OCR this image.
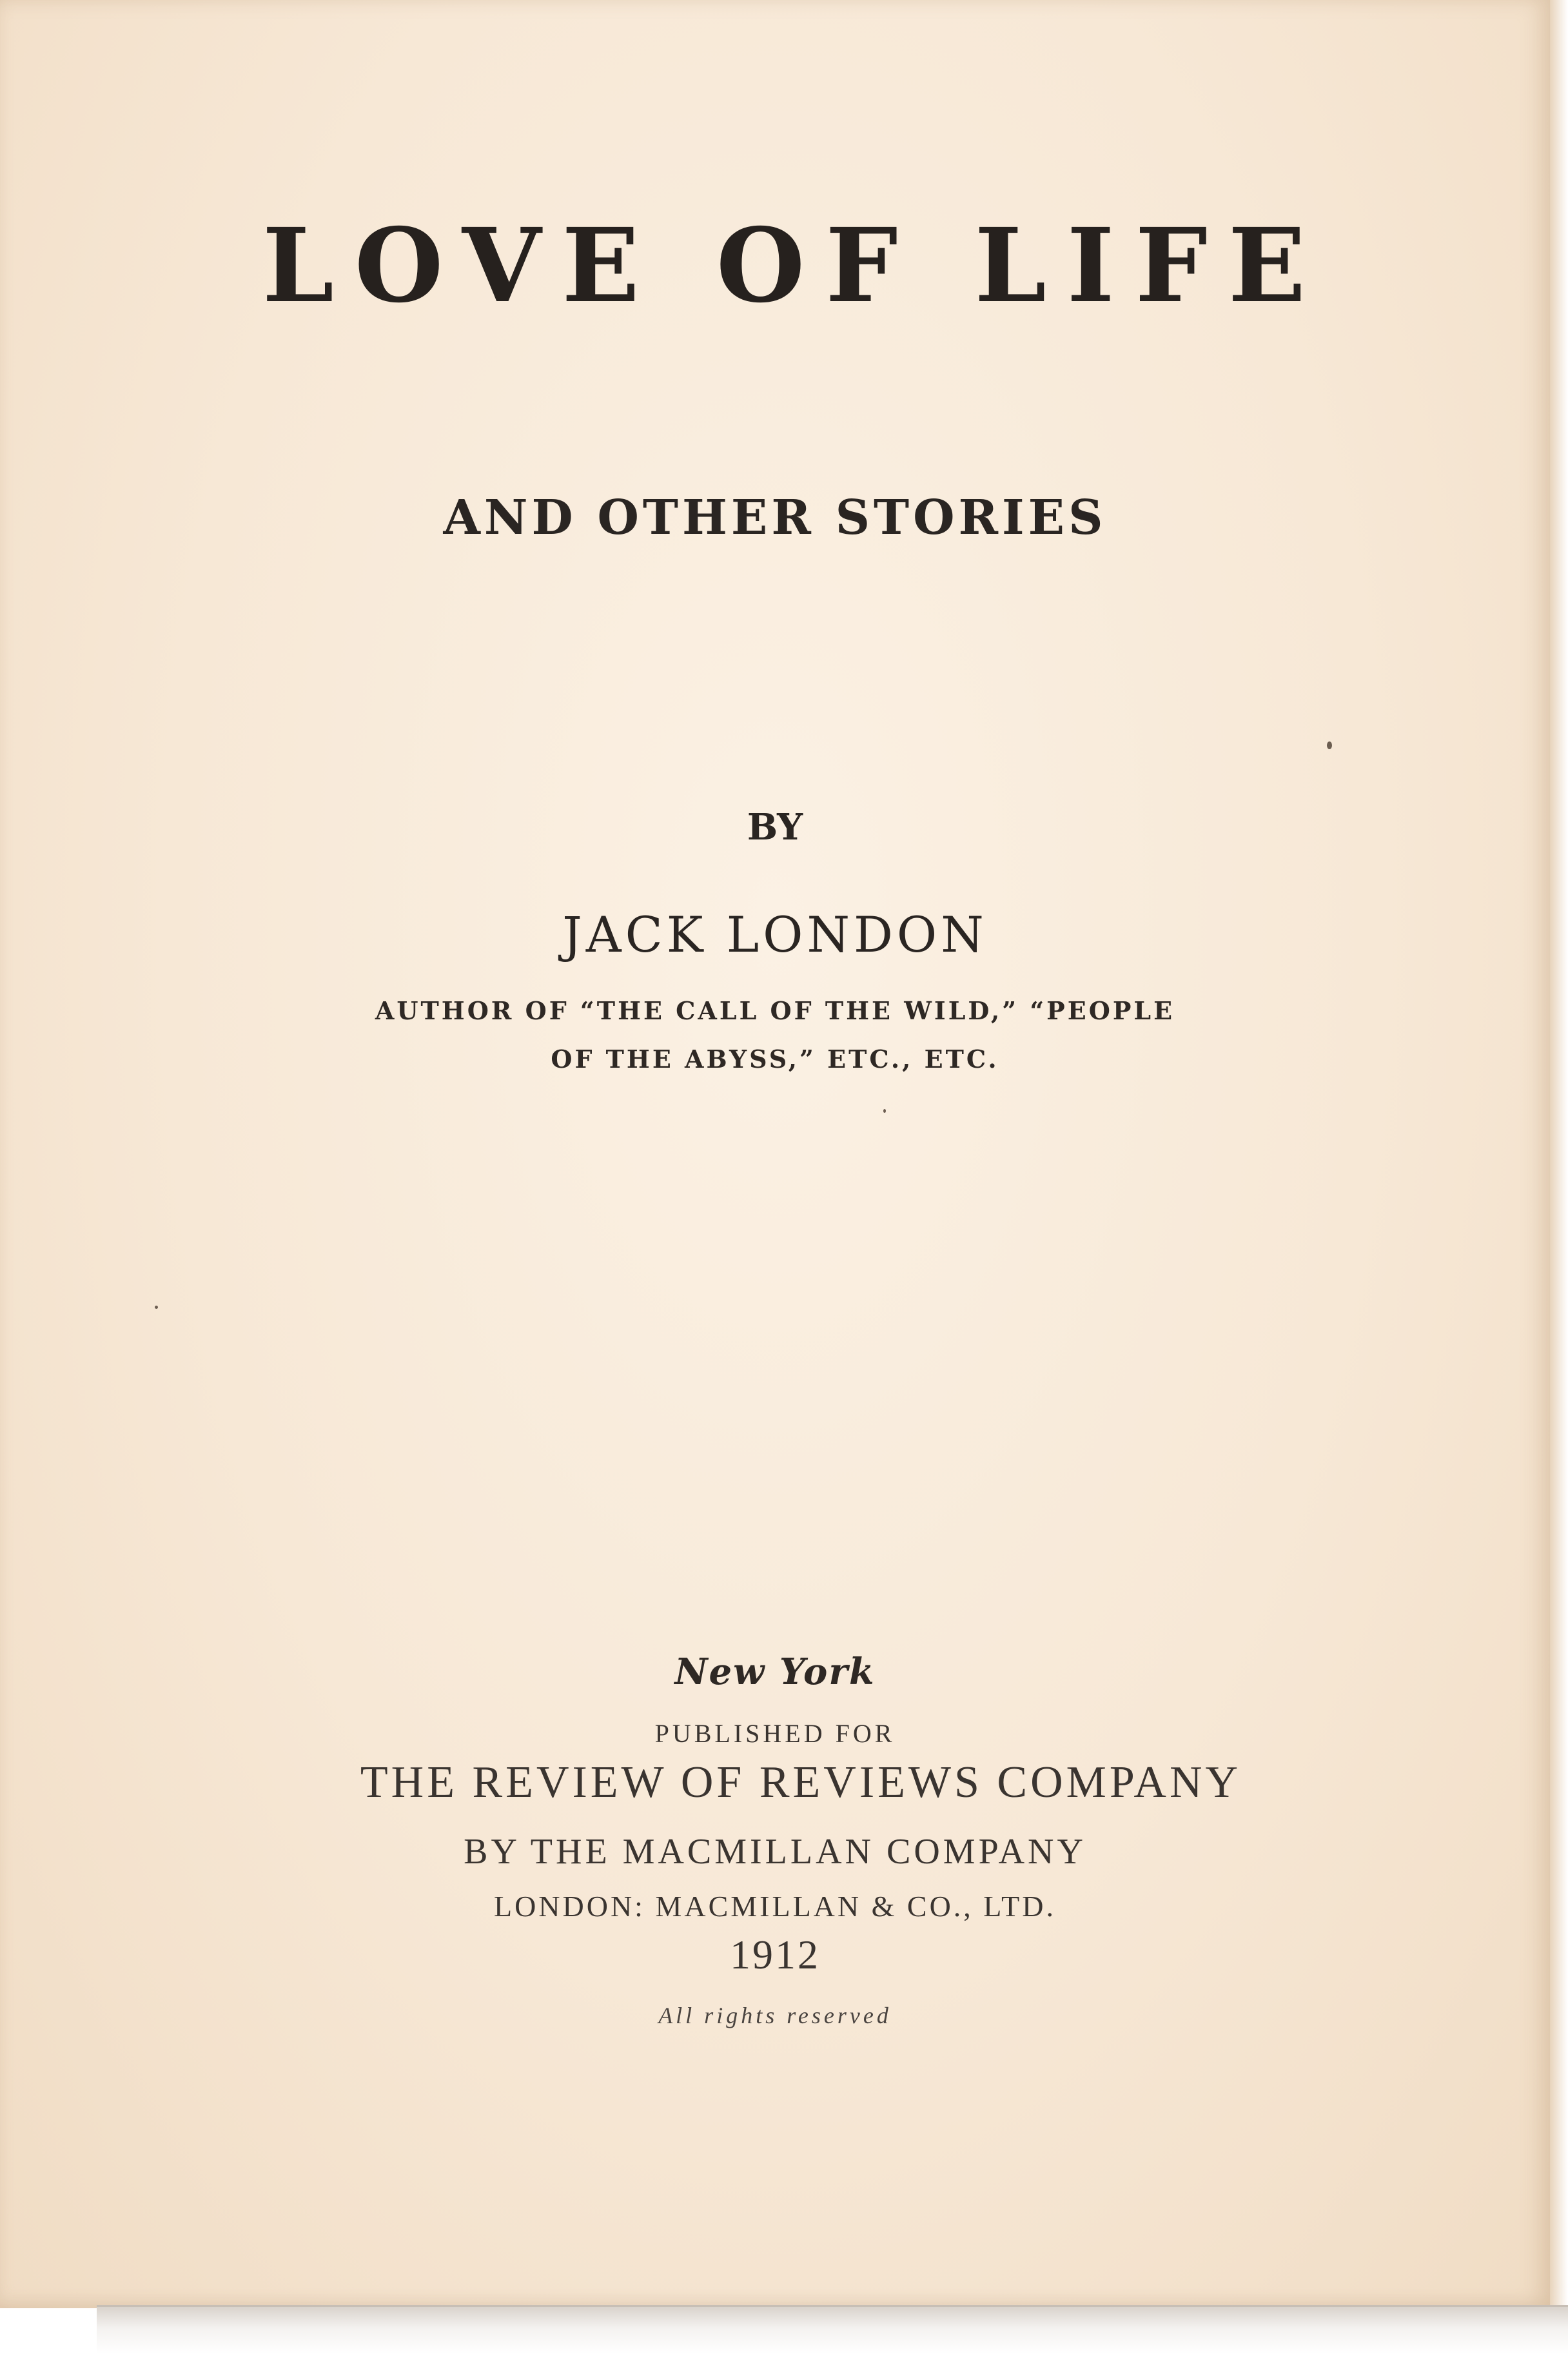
LOVE OF LIFE
AND OTHER STORIES
BY
JACK LONDON
AUTHOR OF “THE CALL OF THE WILD,” “PEOPLE
OF THE ABYSS,” ETC., ETC.
New York
PUBLISHED FOR
THE REVIEW OF REVIEWS COMPANY
BY THE MACMILLAN COMPANY
LONDON: MACMILLAN & CO., LTD.
1912
All rights reserved
